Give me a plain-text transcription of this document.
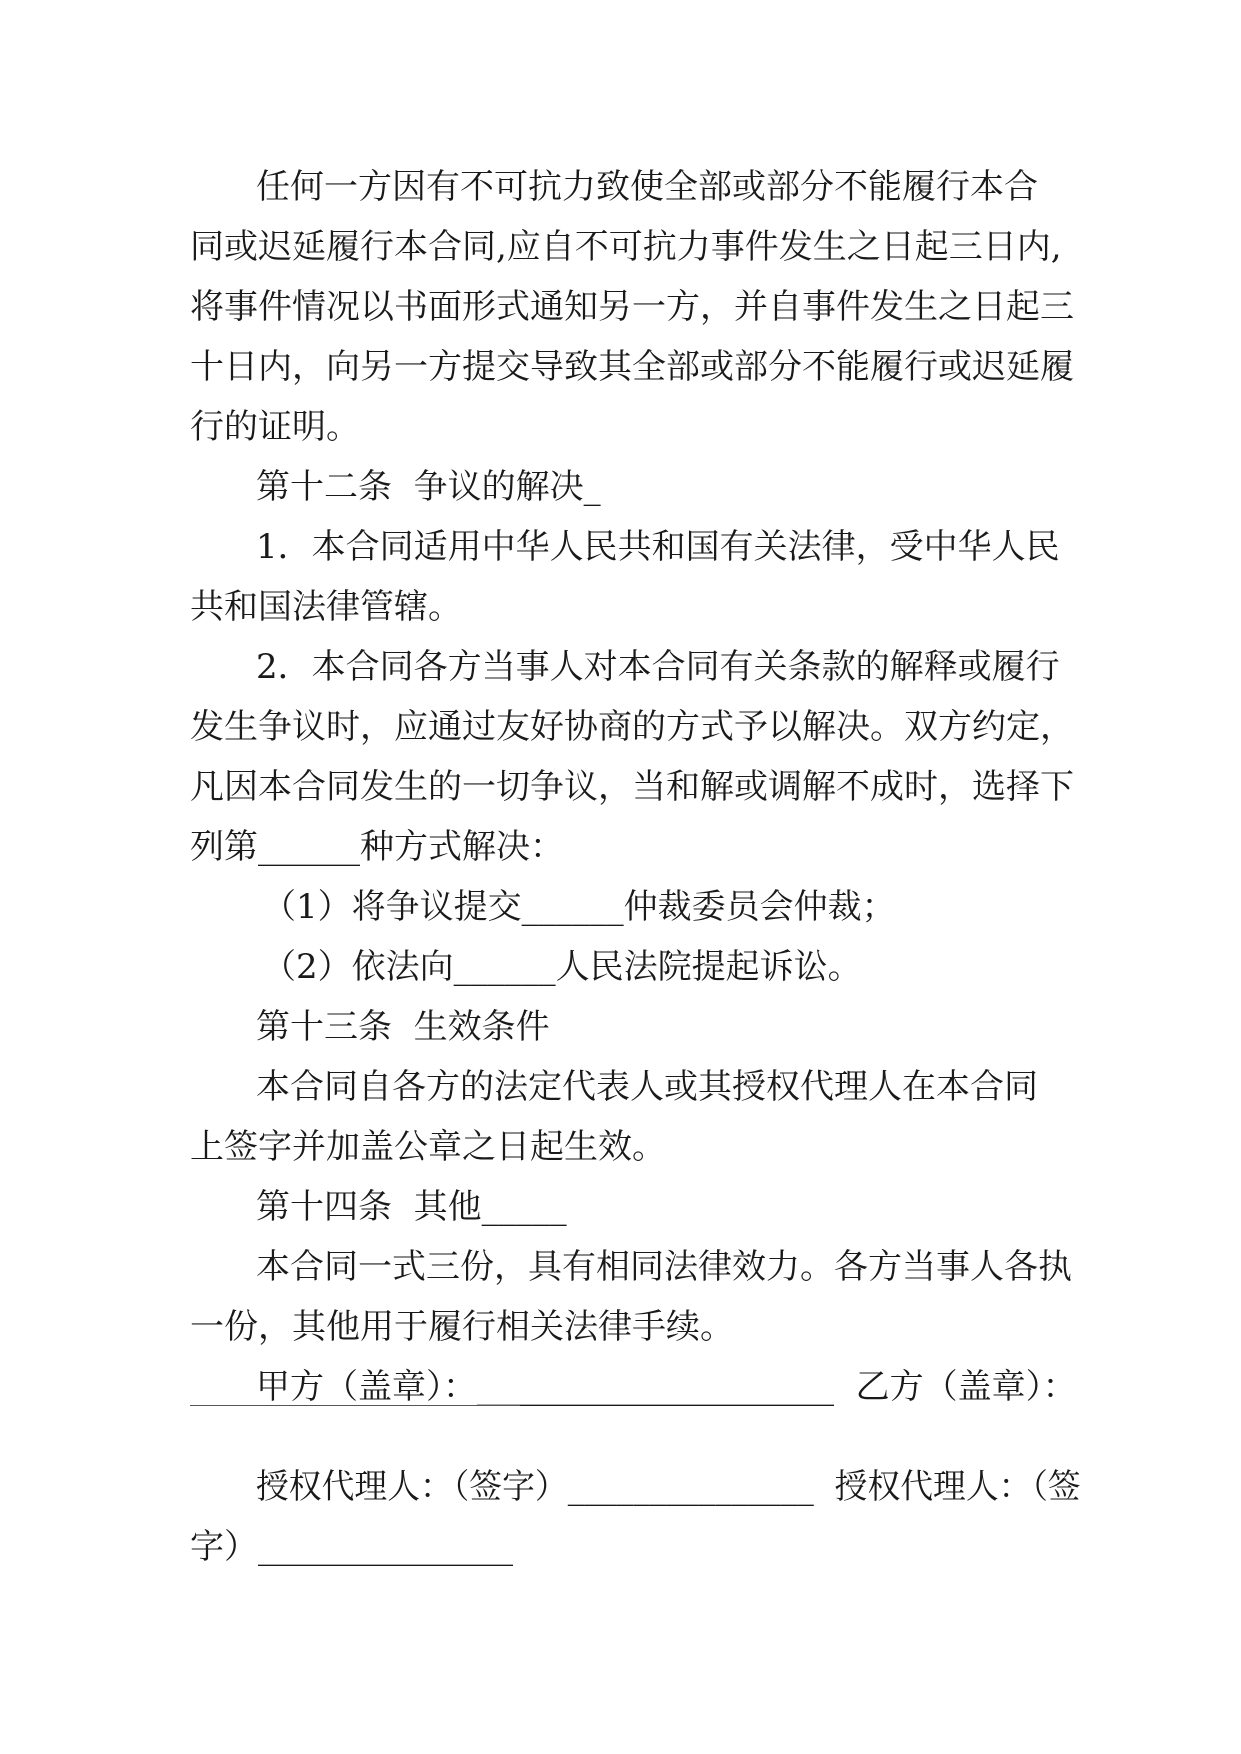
任何一方因有不可抗力致使全部或部分不能履行本合
同或迟延履行本合同,应自不可抗力事件发生之日起三日内,
将事件情况以书面形式通知另一方，并自事件发生之日起三
十日内，向另一方提交导致其全部或部分不能履行或迟延履
行的证明。
第十二条  争议的解决_
1．本合同适用中华人民共和国有关法律，受中华人民
共和国法律管辖。
2．本合同各方当事人对本合同有关条款的解释或履行
发生争议时，应通过友好协商的方式予以解决。双方约定，
凡因本合同发生的一切争议，当和解或调解不成时，选择下
列第______种方式解决：
（1）将争议提交______仲裁委员会仲裁；
（2）依法向______人民法院提起诉讼。
第十三条  生效条件
本合同自各方的法定代表人或其授权代理人在本合同
上签字并加盖公章之日起生效。
第十四条  其他_____
本合同一式三份，具有相同法律效力。各方当事人各执
一份，其他用于履行相关法律手续。
甲方（盖章）：_____________________  乙方（盖章）：
授权代理人：（签字）_______________  授权代理人：（签
字）_______________
